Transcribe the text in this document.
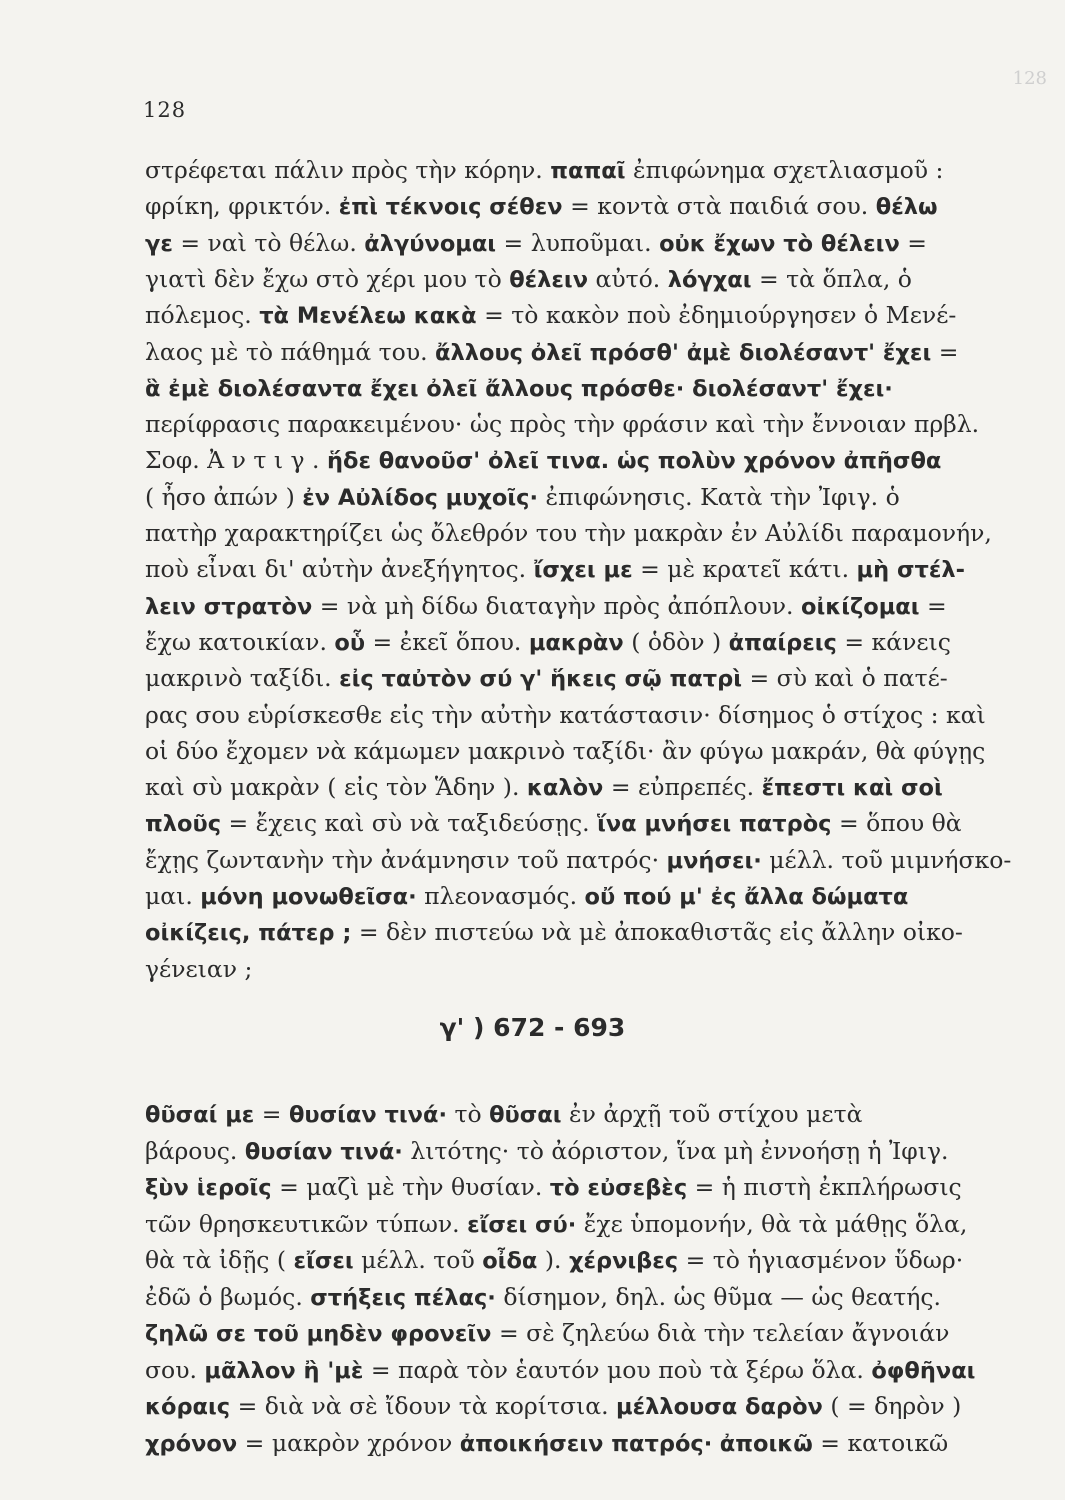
128
128
στρέφεται πάλιν πρὸς τὴν κόρην. παπαῖ ἐπιφώνημα σχετλιασμοῦ :
φρίκη, φρικτόν. ἐπὶ τέκνοις σέθεν = κοντὰ στὰ παιδιά σου. θέλω
γε = ναὶ τὸ θέλω. ἀλγύνομαι = λυποῦμαι. οὐκ ἔχων τὸ θέλειν =
γιατὶ δὲν ἔχω στὸ χέρι μου τὸ θέλειν αὐτό. λόγχαι = τὰ ὅπλα, ὁ
πόλεμος. τὰ Μενέλεω κακὰ = τὸ κακὸν ποὺ ἐδημιούργησεν ὁ Μενέ-
λαος μὲ τὸ πάθημά του. ἄλλους ὀλεῖ πρόσθ' ἀμὲ διολέσαντ' ἔχει =
ἃ ἐμὲ διολέσαντα ἔχει ὀλεῖ ἄλλους πρόσθε· διολέσαντ' ἔχει·
περίφρασις παρακειμένου· ὡς πρὸς τὴν φράσιν καὶ τὴν ἔννοιαν πρβλ.
Σοφ. Ἀ ν τ ι γ . ἥδε θανοῦσ' ὀλεῖ τινα. ὡς πολὺν χρόνον ἀπῆσθα
( ἦσο ἀπών ) ἐν Αὐλίδος μυχοῖς· ἐπιφώνησις. Κατὰ τὴν Ἰφιγ. ὁ
πατὴρ χαρακτηρίζει ὡς ὄλεθρόν του τὴν μακρὰν ἐν Αὐλίδι παραμονήν,
ποὺ εἶναι δι' αὐτὴν ἀνεξήγητος. ἴσχει με = μὲ κρατεῖ κάτι. μὴ στέλ-
λειν στρατὸν = νὰ μὴ δίδω διαταγὴν πρὸς ἀπόπλουν. οἰκίζομαι =
ἔχω κατοικίαν. οὗ = ἐκεῖ ὅπου. μακρὰν ( ὁδὸν ) ἀπαίρεις = κάνεις
μακρινὸ ταξίδι. εἰς ταὐτὸν σύ γ' ἥκεις σῷ πατρὶ = σὺ καὶ ὁ πατέ-
ρας σου εὑρίσκεσθε εἰς τὴν αὐτὴν κατάστασιν· δίσημος ὁ στίχος : καὶ
οἱ δύο ἔχομεν νὰ κάμωμεν μακρινὸ ταξίδι· ἂν φύγω μακράν, θὰ φύγῃς
καὶ σὺ μακρὰν ( εἰς τὸν Ἅδην ). καλὸν = εὐπρεπές. ἔπεστι καὶ σοὶ
πλοῦς = ἔχεις καὶ σὺ νὰ ταξιδεύσῃς. ἵνα μνήσει πατρὸς = ὅπου θὰ
ἔχῃς ζωντανὴν τὴν ἀνάμνησιν τοῦ πατρός· μνήσει· μέλλ. τοῦ μιμνήσκο-
μαι. μόνη μονωθεῖσα· πλεονασμός. οὔ πού μ' ἐς ἄλλα δώματα
οἰκίζεις, πάτερ ; = δὲν πιστεύω νὰ μὲ ἀποκαθιστᾶς εἰς ἄλλην οἰκο-
γένειαν ;
γ' ) 672 - 693
θῦσαί με = θυσίαν τινά· τὸ θῦσαι ἐν ἀρχῇ τοῦ στίχου μετὰ
βάρους. θυσίαν τινά· λιτότης· τὸ ἀόριστον, ἵνα μὴ ἐννοήσῃ ἡ Ἰφιγ.
ξὺν ἱεροῖς = μαζὶ μὲ τὴν θυσίαν. τὸ εὐσεβὲς = ἡ πιστὴ ἐκπλήρωσις
τῶν θρησκευτικῶν τύπων. εἴσει σύ· ἔχε ὑπομονήν, θὰ τὰ μάθῃς ὅλα,
θὰ τὰ ἰδῇς ( εἴσει μέλλ. τοῦ οἶδα ). χέρνιβες = τὸ ἡγιασμένον ὕδωρ·
ἐδῶ ὁ βωμός. στήξεις πέλας· δίσημον, δηλ. ὡς θῦμα — ὡς θεατής.
ζηλῶ σε τοῦ μηδὲν φρονεῖν = σὲ ζηλεύω διὰ τὴν τελείαν ἄγνοιάν
σου. μᾶλλον ἢ 'μὲ = παρὰ τὸν ἑαυτόν μου ποὺ τὰ ξέρω ὅλα. ὀφθῆναι
κόραις = διὰ νὰ σὲ ἴδουν τὰ κορίτσια. μέλλουσα δαρὸν ( = δηρὸν )
χρόνον = μακρὸν χρόνον ἀποικήσειν πατρός· ἀποικῶ = κατοικῶ
